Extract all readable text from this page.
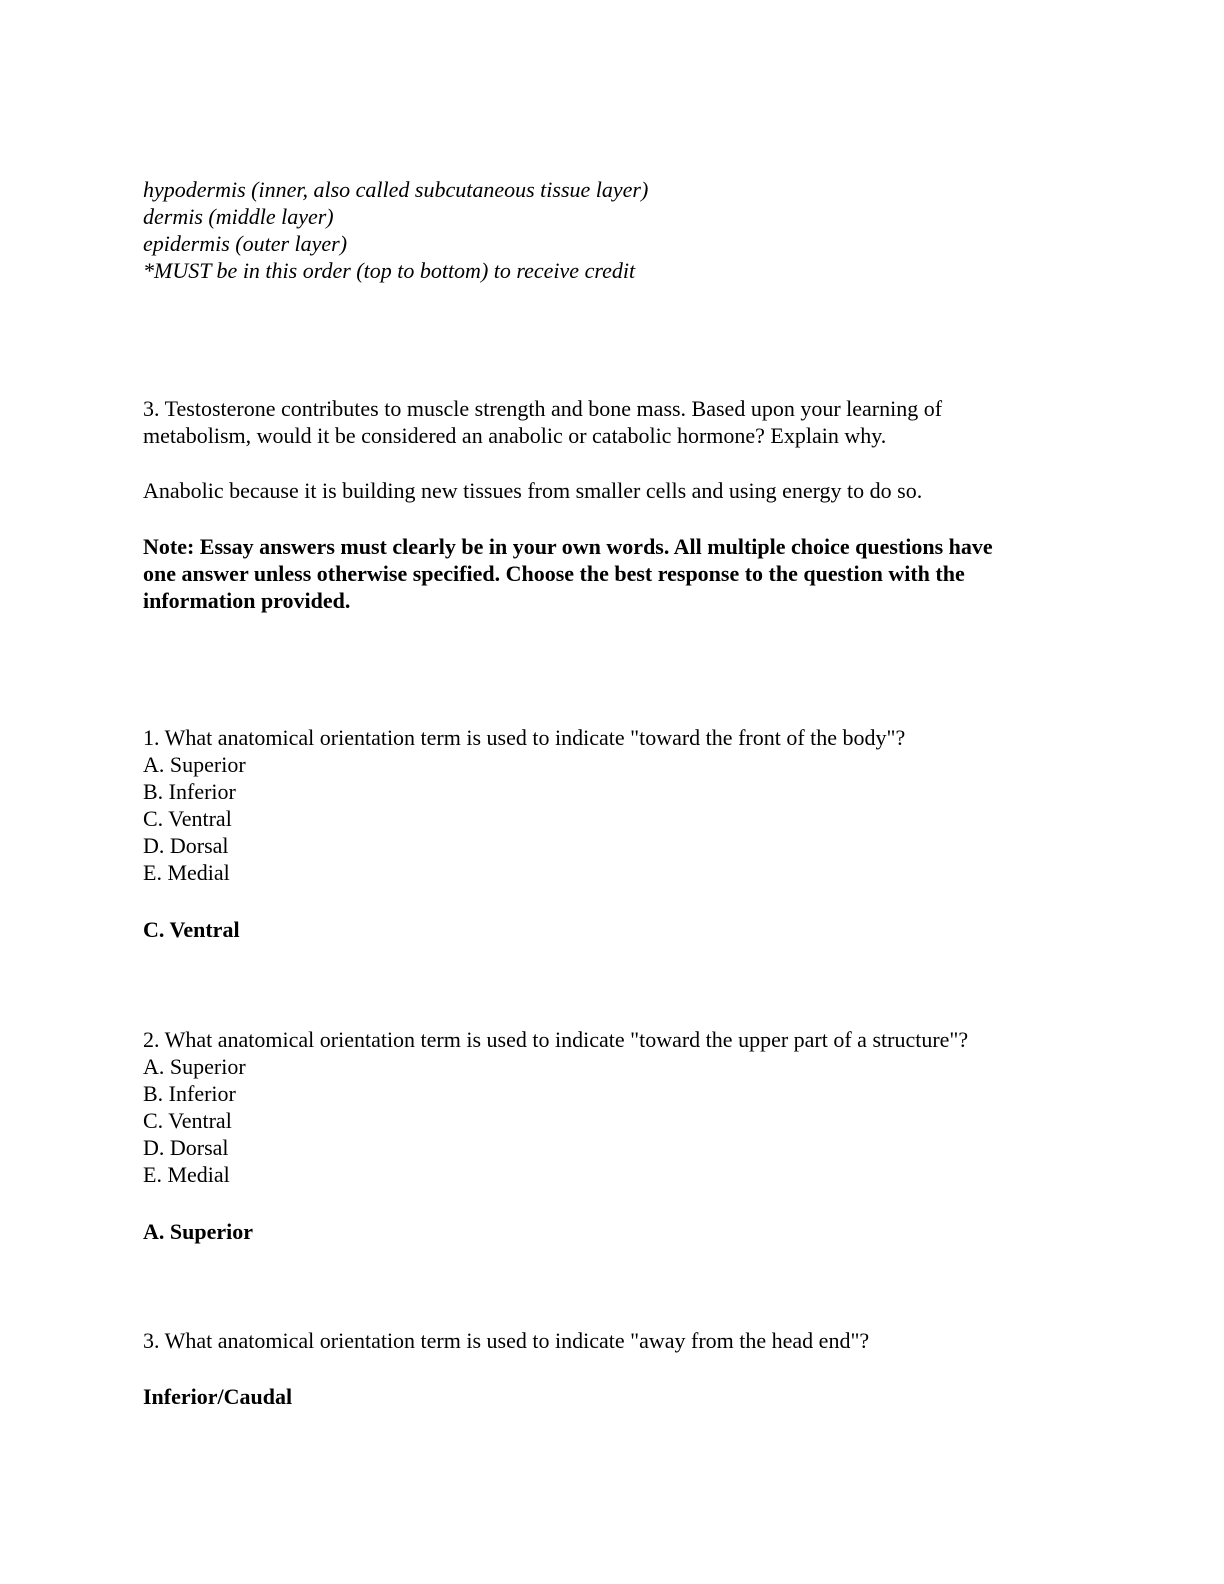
hypodermis (inner, also called subcutaneous tissue layer)
dermis (middle layer)
epidermis (outer layer)
*MUST be in this order (top to bottom) to receive credit
3. Testosterone contributes to muscle strength and bone mass. Based upon your learning of
metabolism, would it be considered an anabolic or catabolic hormone? Explain why.
Anabolic because it is building new tissues from smaller cells and using energy to do so.
Note: Essay answers must clearly be in your own words. All multiple choice questions have
one answer unless otherwise specified. Choose the best response to the question with the
information provided.
1. What anatomical orientation term is used to indicate "toward the front of the body"?
A. Superior
B. Inferior
C. Ventral
D. Dorsal
E. Medial
C. Ventral
2. What anatomical orientation term is used to indicate "toward the upper part of a structure"?
A. Superior
B. Inferior
C. Ventral
D. Dorsal
E. Medial
A. Superior
3. What anatomical orientation term is used to indicate "away from the head end"?
Inferior/Caudal
